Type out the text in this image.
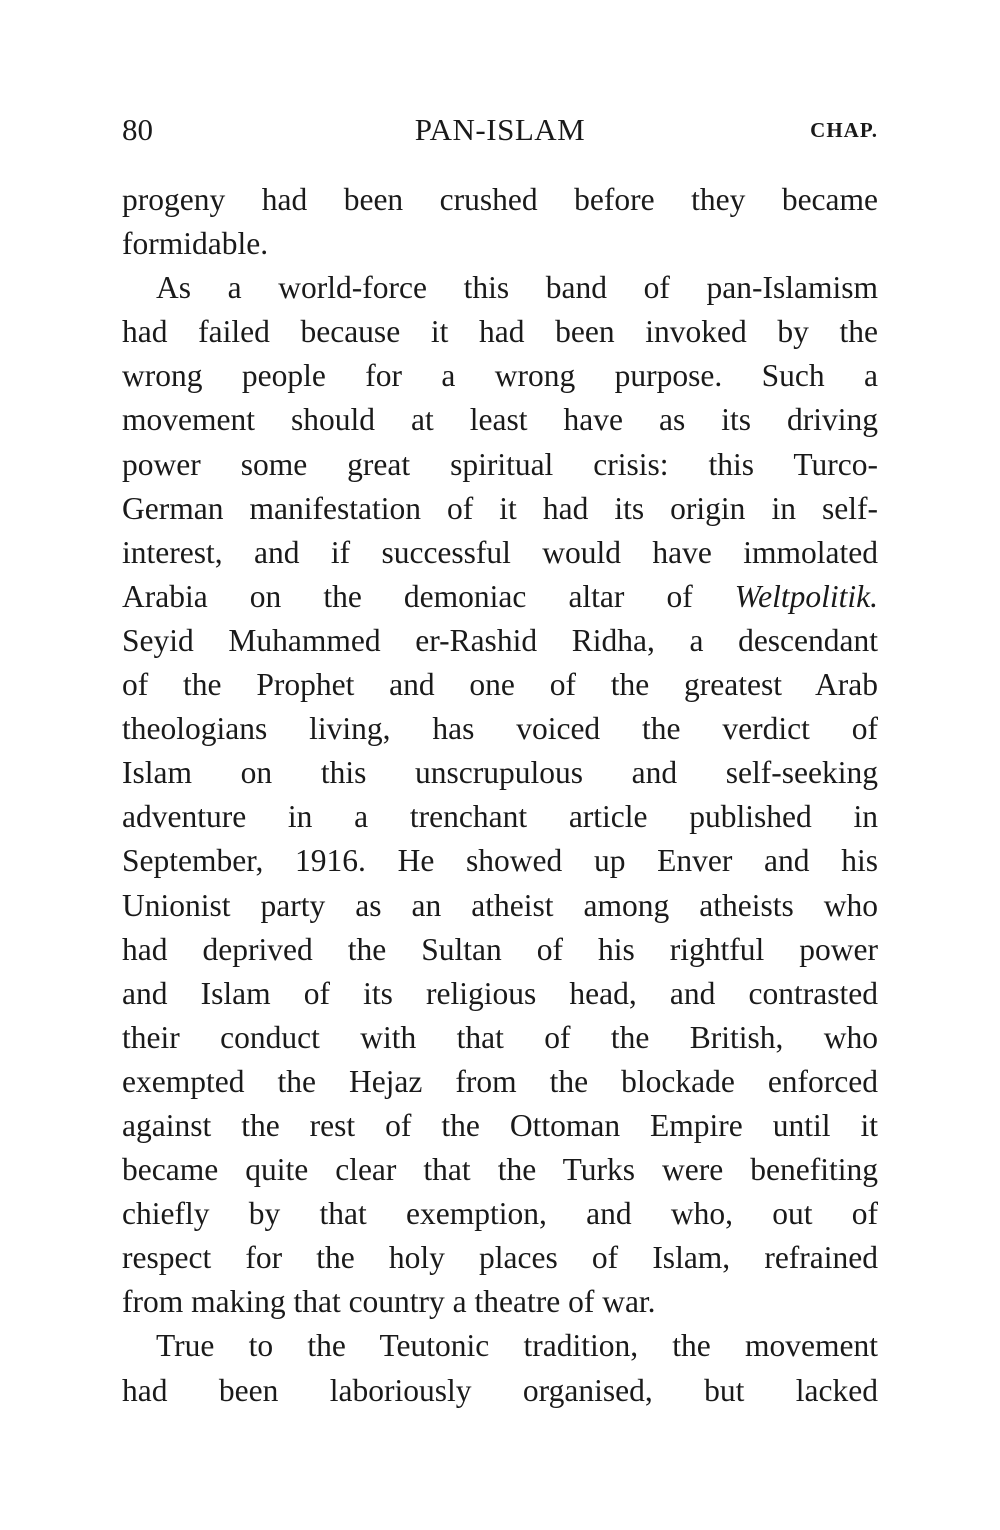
80	PAN-ISLAM	CHAP.
progeny had been crushed before they became
formidable.
As a world-force this band of pan-Islamism
had failed because it had been invoked by the
wrong people for a wrong purpose. Such a
movement should at least have as its driving
power some great spiritual crisis: this Turco-
German manifestation of it had its origin in self-
interest, and if successful would have immolated
Arabia on the demoniac altar of Weltpolitik.
Seyid Muhammed er-Rashid Ridha, a descendant
of the Prophet and one of the greatest Arab
theologians living, has voiced the verdict of
Islam on this unscrupulous and self-seeking
adventure in a trenchant article published in
September, 1916. He showed up Enver and his
Unionist party as an atheist among atheists who
had deprived the Sultan of his rightful power
and Islam of its religious head, and contrasted
their conduct with that of the British, who
exempted the Hejaz from the blockade enforced
against the rest of the Ottoman Empire until it
became quite clear that the Turks were benefiting
chiefly by that exemption, and who, out of
respect for the holy places of Islam, refrained
from making that country a theatre of war.
True to the Teutonic tradition, the movement
had been laboriously organised, but lacked
